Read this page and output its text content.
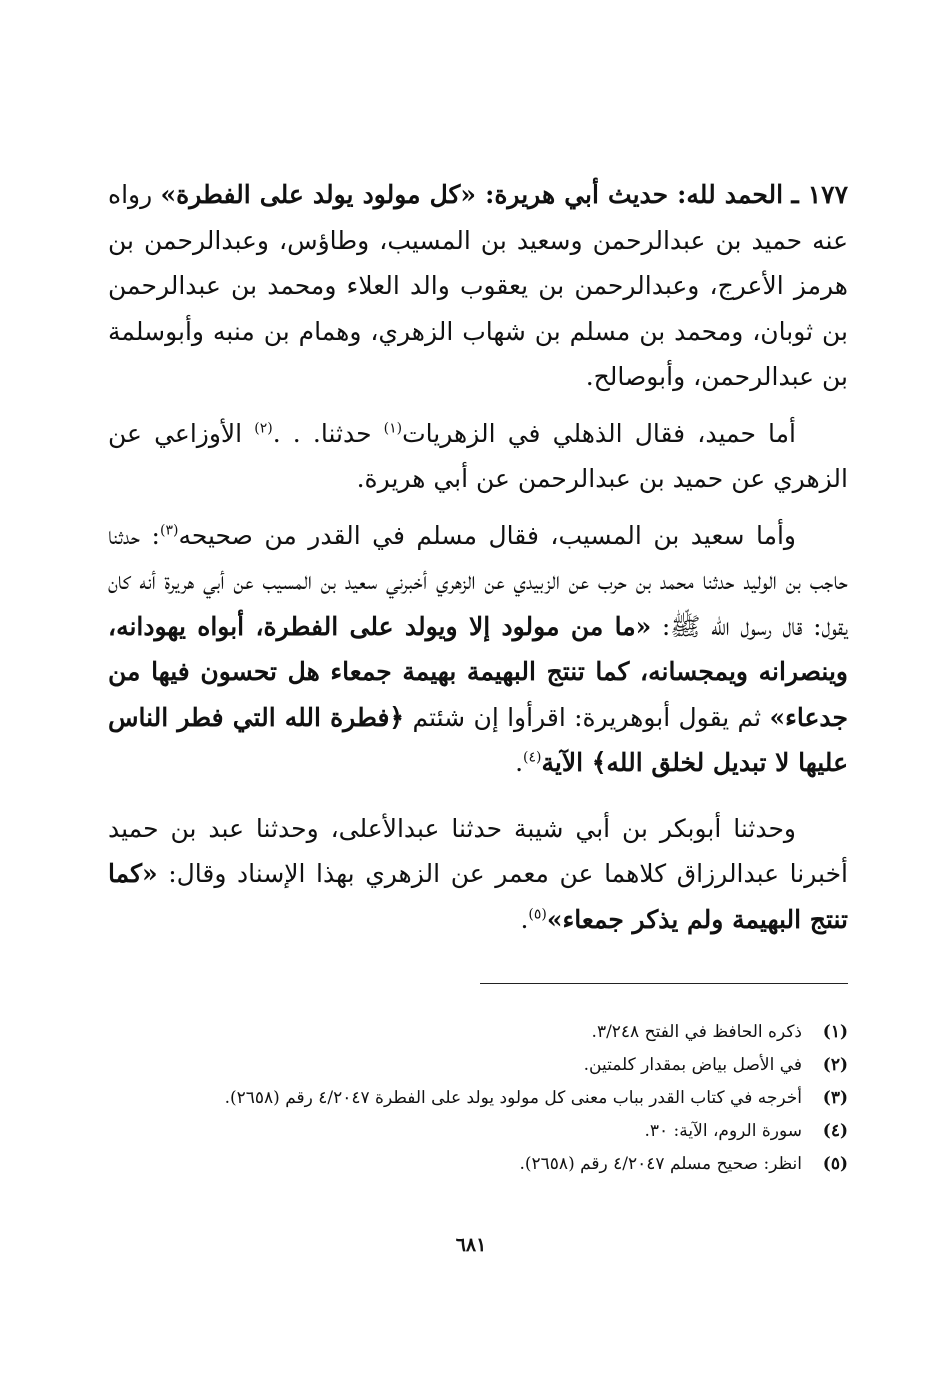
١٧٧ ـ الحمد لله: حديث أبي هريرة: «كل مولود يولد على الفطرة» رواه عنه حميد بن عبدالرحمن وسعيد بن المسيب، وطاؤس، وعبدالرحمن بن هرمز الأعرج، وعبدالرحمن بن يعقوب والد العلاء ومحمد بن عبدالرحمن بن ثوبان، ومحمد بن مسلم بن شهاب الزهري، وهمام بن منبه وأبوسلمة بن عبدالرحمن، وأبوصالح.

أما حميد، فقال الذهلي في الزهريات$^{(١)}$ حدثنا. . .$^{(٢)}$ الأوزاعي عن الزهري عن حميد بن عبدالرحمن عن أبي هريرة.

وأما سعيد بن المسيب، فقال مسلم في القدر من صحيحه$^{(٣)}$: حدثنا حاجب بن الوليد حدثنا محمد بن حرب عن الزبيدي عن الزهري أخبرني سعيد بن المسيب عن أبي هريرة أنه كان يقول: قال رسول الله ﷺ: «ما من مولود إلا ويولد على الفطرة، أبواه يهودانه، وينصرانه ويمجسانه، كما تنتج البهيمة بهيمة جمعاء هل تحسون فيها من جدعاء» ثم يقول أبوهريرة: اقرأوا إن شئتم ﴿فطرة الله التي فطر الناس عليها لا تبديل لخلق الله﴾ الآية$^{(٤)}$.

وحدثنا أبوبكر بن أبي شيبة حدثنا عبدالأعلى، وحدثنا عبد بن حميد أخبرنا عبدالرزاق كلاهما عن معمر عن الزهري بهذا الإسناد وقال: «كما تنتج البهيمة ولم يذكر جمعاء»$^{(٥)}$.

(١)
ذكره الحافظ في الفتح ٣/٢٤٨.
(٢)
في الأصل بياض بمقدار كلمتين.
(٣)
أخرجه في كتاب القدر بباب معنى كل مولود يولد على الفطرة ٤/٢٠٤٧ رقم (٢٦٥٨).
(٤)
سورة الروم، الآية: ٣٠.
(٥)
انظر: صحيح مسلم ٤/٢٠٤٧ رقم (٢٦٥٨).
٦٨١
